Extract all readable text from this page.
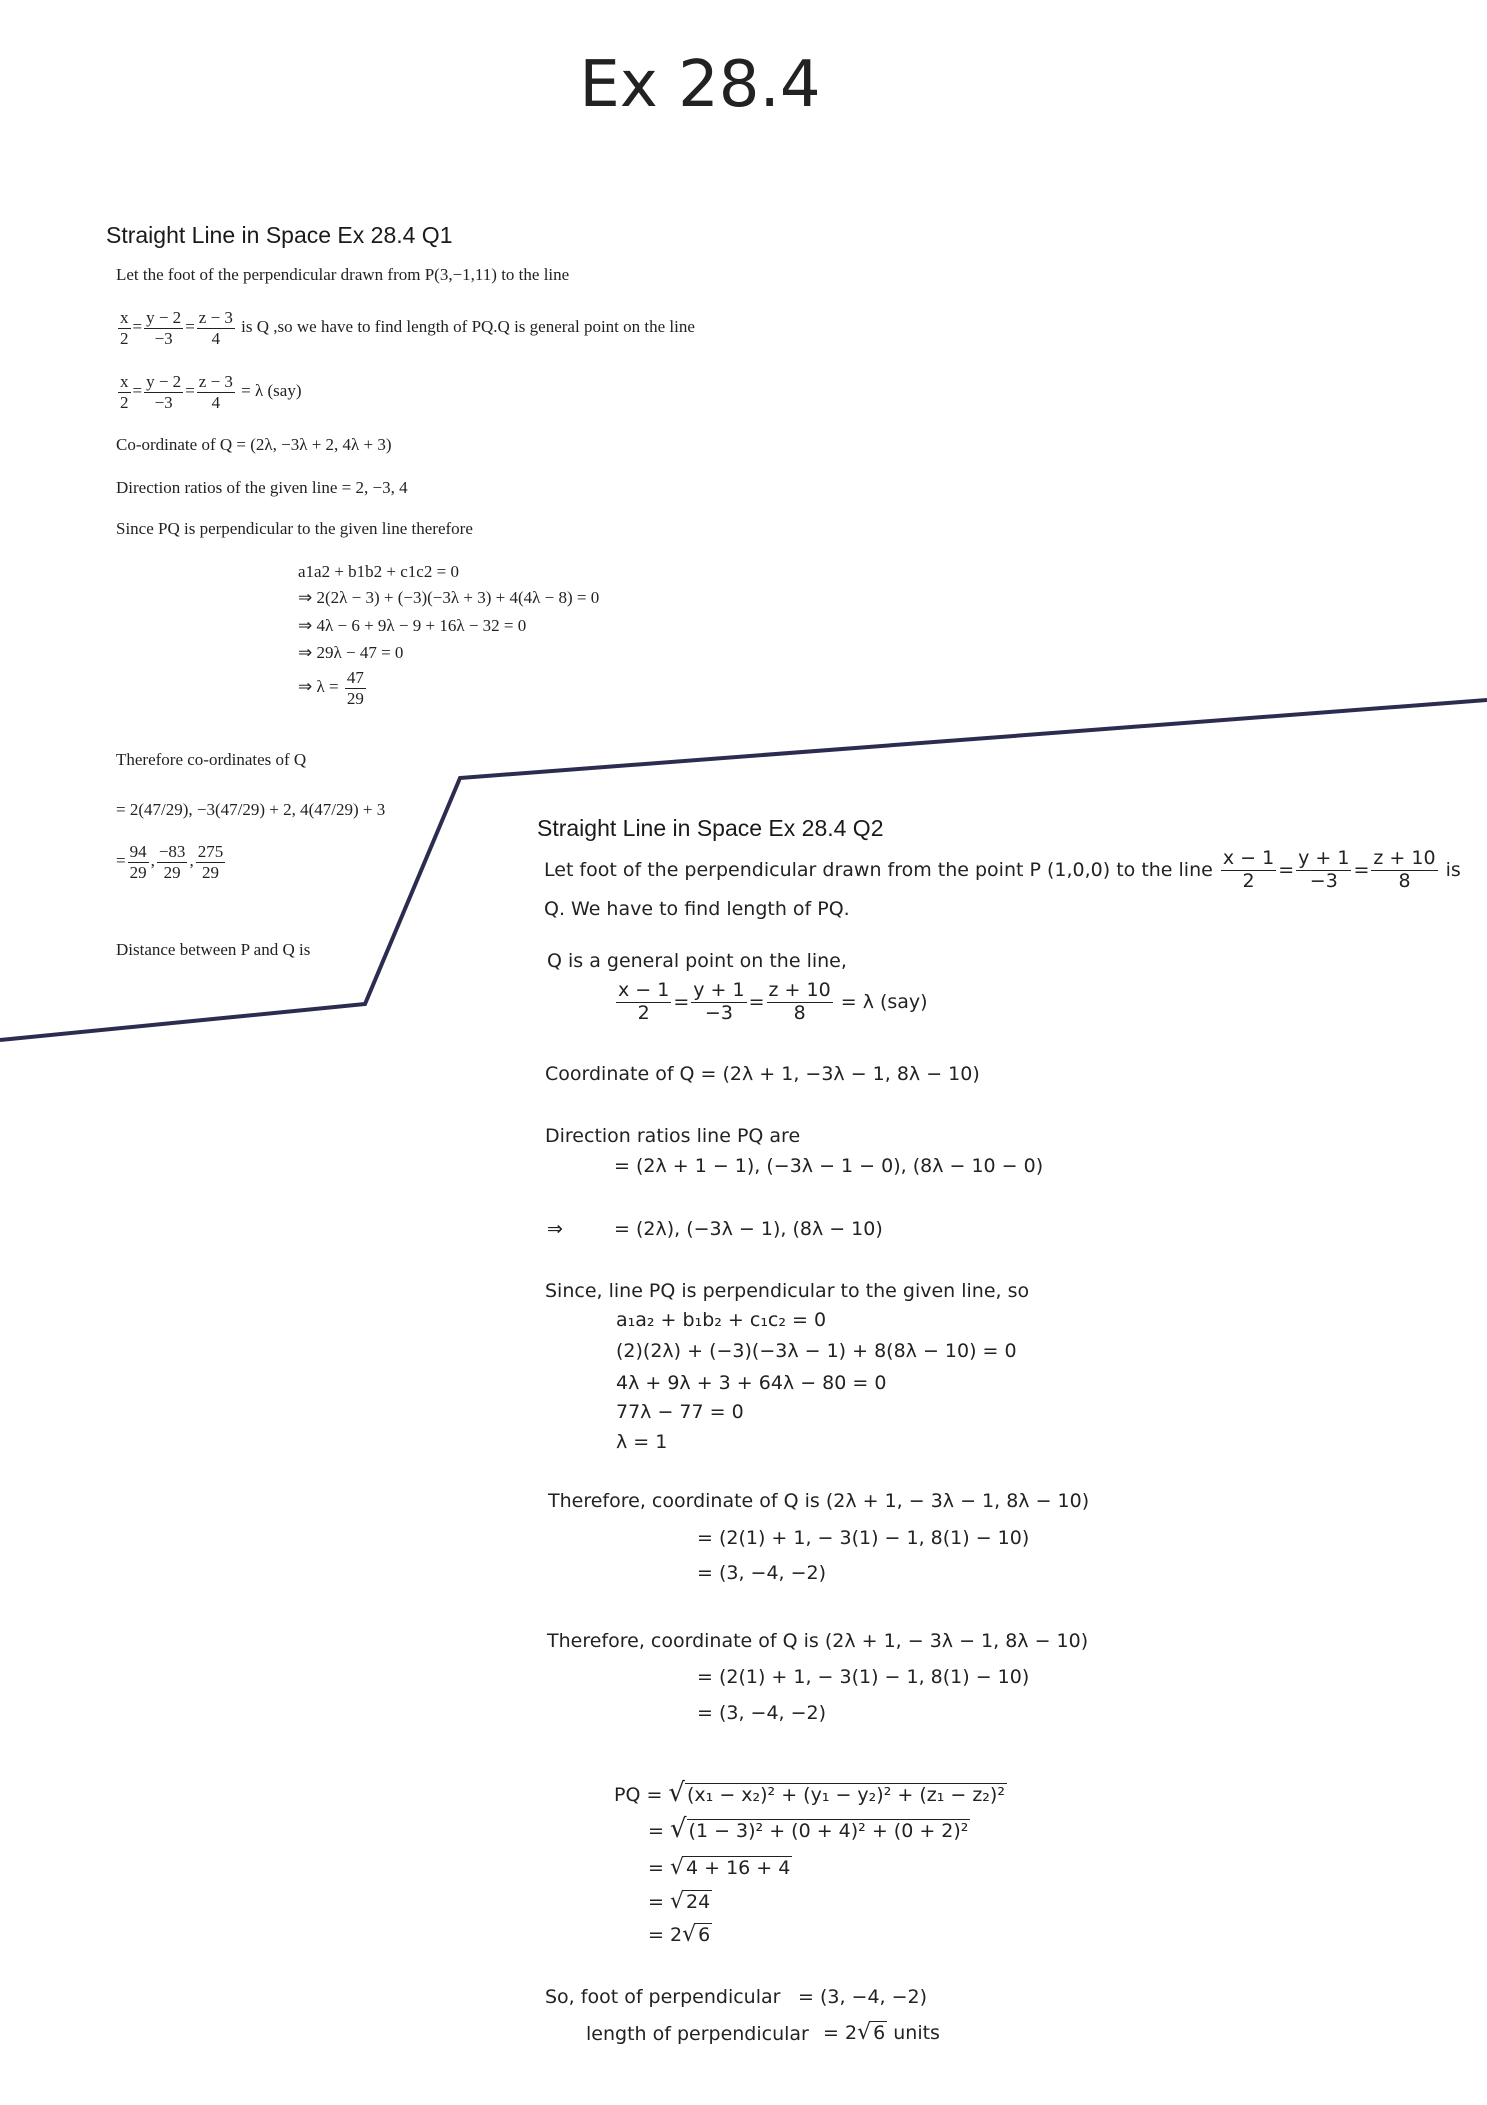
Ex 28.4
Straight Line in Space Ex 28.4 Q1
Let the foot of the perpendicular drawn from P(3,−1,11) to the line
$\frac{x}{2} = \frac{y - 2}{-3} = \frac{z - 3}{4}$ is Q ,so we have to find length of PQ.Q is general point on the line
$\frac{x}{2} = \frac{y - 2}{-3} = \frac{z - 3}{4} = \lambda$ (say)
Co-ordinate of Q = (2λ, −3λ + 2, 4λ + 3)
Direction ratios of the given line = 2, −3, 4
Since PQ is perpendicular to the given line therefore
a1a2 + b1b2 + c1c2 = 0
⇒ 2(2λ − 3) + (−3)(−3λ + 3) + 4(4λ − 8) = 0
⇒ 4λ − 6 + 9λ − 9 + 16λ − 32 = 0
⇒ 29λ − 47 = 0
⇒ $\lambda = \frac{47}{29}$
Therefore co-ordinates of Q
= 2(47/29), −3(47/29) + 2, 4(47/29) + 3
= $\frac{94}{29}$ , $\frac{-83}{29}$ , $\frac{275}{29}$
Distance between P and Q is
Straight Line in Space Ex 28.4 Q2
Let foot of the perpendicular drawn from the point P (1,0,0) to the line $\frac{x - 1}{2} = \frac{y + 1}{-3} = \frac{z + 10}{8}$ is
Q. We have to find length of PQ.
Q is a general point on the line,
$\frac{x - 1}{2} = \frac{y + 1}{-3} = \frac{z + 10}{8} = \lambda$ (say)
Coordinate of Q = (2λ + 1, −3λ − 1, 8λ − 10)
Direction ratios line PQ are
= (2λ + 1 − 1), (−3λ − 1 − 0), (8λ − 10 − 0)
⇒	= (2λ), (−3λ − 1), (8λ − 10)
Since, line PQ is perpendicular to the given line, so
a₁a₂ + b₁b₂ + c₁c₂ = 0
(2)(2λ) + (−3)(−3λ − 1) + 8(8λ − 10) = 0
4λ + 9λ + 3 + 64λ − 80 = 0
77λ − 77 = 0
λ = 1
Therefore, coordinate of Q is (2λ + 1, − 3λ − 1, 8λ − 10)
= (2(1) + 1, − 3(1) − 1, 8(1) − 10)
= (3, −4, −2)
Therefore, coordinate of Q is (2λ + 1, − 3λ − 1, 8λ − 10)
= (2(1) + 1, − 3(1) − 1, 8(1) − 10)
= (3, −4, −2)
PQ = √ (x₁ − x₂)² + (y₁ − y₂)² + (z₁ − z₂)²
= √ (1 − 3)² + (0 + 4)² + (0 + 2)²
= √ 4 + 16 + 4
= √ 24
= 2√ 6
So, foot of perpendicular = (3, −4, −2)
length of perpendicular = 2√ 6 units
